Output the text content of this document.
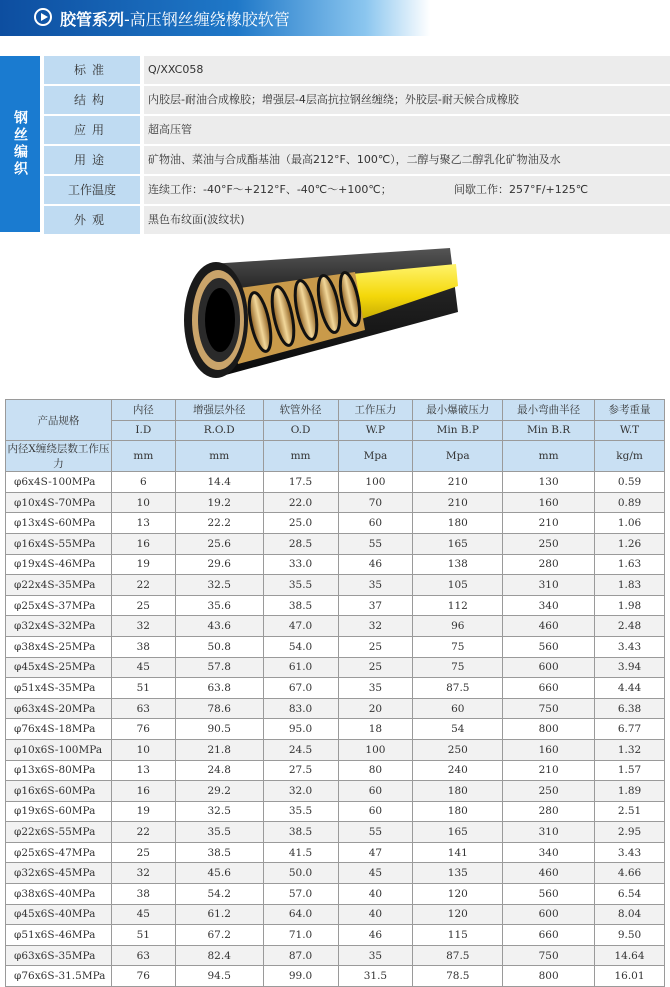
胶管系列-高压钢丝缠绕橡胶软管
钢丝编织
标准	Q/XXC058
结构	内胶层-耐油合成橡胶；增强层-4层高抗拉钢丝缠绕；外胶层-耐天候合成橡胶
应用	超高压管
用途	矿物油、菜油与合成酯基油（最高212°F、100℃），二醇与聚乙二醇乳化矿物油及水
工作温度	连续工作：-40°F～+212°F、-40℃～+100℃；	间歇工作：257°F/+125℃
外观	黑色布纹面(波纹状)
产品规格	内径	增强层外径	软管外径	工作压力	最小爆破压力	最小弯曲半径	参考重量
	I.D	R.O.D	O.D	W.P	Min B.P	Min B.R	W.T
内径X缠绕层数工作压力	mm	mm	mm	Mpa	Mpa	mm	kg/m
φ6x4S-100MPa	6	14.4	17.5	100	210	130	0.59
φ10x4S-70MPa	10	19.2	22.0	70	210	160	0.89
φ13x4S-60MPa	13	22.2	25.0	60	180	210	1.06
φ16x4S-55MPa	16	25.6	28.5	55	165	250	1.26
φ19x4S-46MPa	19	29.6	33.0	46	138	280	1.63
φ22x4S-35MPa	22	32.5	35.5	35	105	310	1.83
φ25x4S-37MPa	25	35.6	38.5	37	112	340	1.98
φ32x4S-32MPa	32	43.6	47.0	32	96	460	2.48
φ38x4S-25MPa	38	50.8	54.0	25	75	560	3.43
φ45x4S-25MPa	45	57.8	61.0	25	75	600	3.94
φ51x4S-35MPa	51	63.8	67.0	35	87.5	660	4.44
φ63x4S-20MPa	63	78.6	83.0	20	60	750	6.38
φ76x4S-18MPa	76	90.5	95.0	18	54	800	6.77
φ10x6S-100MPa	10	21.8	24.5	100	250	160	1.32
φ13x6S-80MPa	13	24.8	27.5	80	240	210	1.57
φ16x6S-60MPa	16	29.2	32.0	60	180	250	1.89
φ19x6S-60MPa	19	32.5	35.5	60	180	280	2.51
φ22x6S-55MPa	22	35.5	38.5	55	165	310	2.95
φ25x6S-47MPa	25	38.5	41.5	47	141	340	3.43
φ32x6S-45MPa	32	45.6	50.0	45	135	460	4.66
φ38x6S-40MPa	38	54.2	57.0	40	120	560	6.54
φ45x6S-40MPa	45	61.2	64.0	40	120	600	8.04
φ51x6S-46MPa	51	67.2	71.0	46	115	660	9.50
φ63x6S-35MPa	63	82.4	87.0	35	87.5	750	14.64
φ76x6S-31.5MPa	76	94.5	99.0	31.5	78.5	800	16.01
